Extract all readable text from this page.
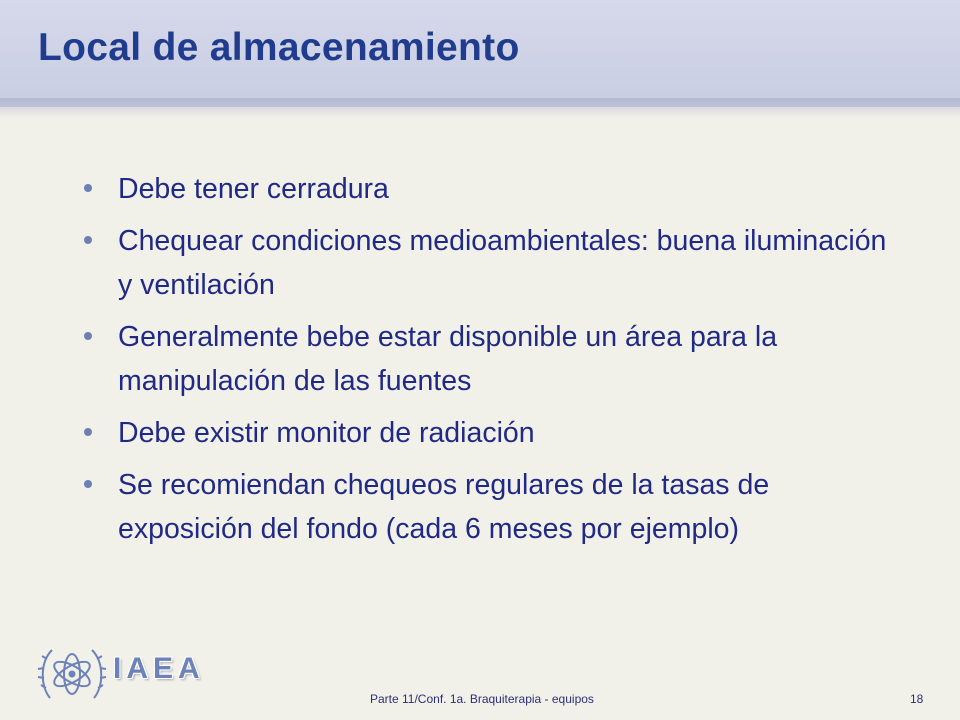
Local de almacenamiento
Debe tener cerradura
Chequear condiciones medioambientales: buena iluminación y ventilación
Generalmente bebe estar disponible un área para la manipulación de las fuentes
Debe existir monitor de radiación
Se recomiendan chequeos regulares de la tasas de exposición del fondo (cada 6 meses por ejemplo)
IAEA
Parte 11/Conf. 1a. Braquiterapia - equipos	18
